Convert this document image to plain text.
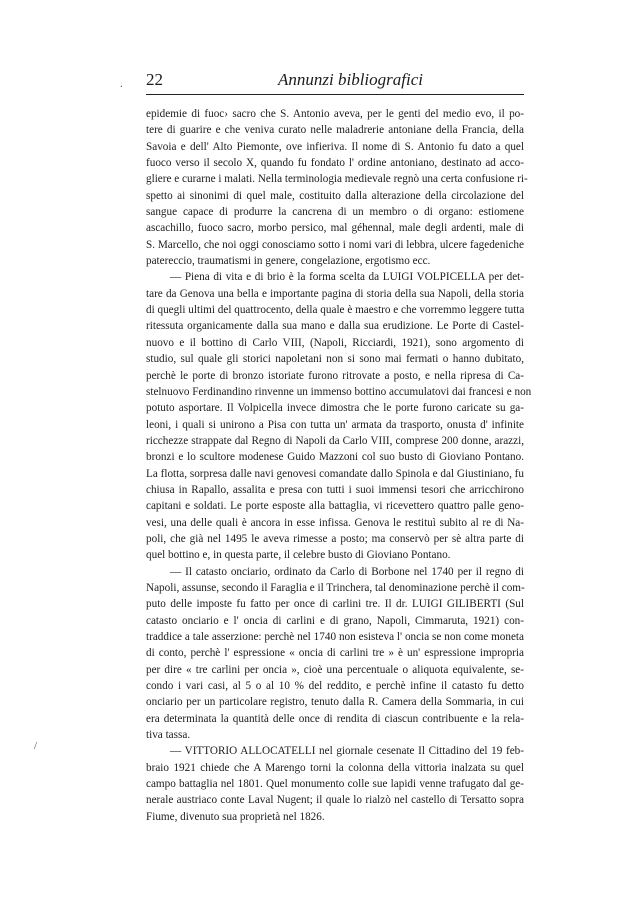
.
/
22	Annunzi bibliografici
epidemie di fuoc› sacro che S. Antonio aveva, per le genti del medio evo, il po-
tere di guarire e che veniva curato nelle maladrerie antoniane della Francia, della
Savoia e dell' Alto Piemonte, ove infieriva. Il nome di S. Antonio fu dato a quel
fuoco verso il secolo X, quando fu fondato l' ordine antoniano, destinato ad acco-
gliere e curarne i malati. Nella terminologia medievale regnò una certa confusione ri-
spetto ai sinonimi di quel male, costituito dalla alterazione della circolazione del
sangue capace di produrre la cancrena di un membro o di organo: estiomene
ascachillo, fuoco sacro, morbo persico, mal géhennal, male degli ardenti, male di
S. Marcello, che noi oggi conosciamo sotto i nomi vari di lebbra, ulcere fagedeniche
patereccio, traumatismi in genere, congelazione, ergotismo ecc.
— Piena di vita e di brio è la forma scelta da LUIGI VOLPICELLA per det-
tare da Genova una bella e importante pagina di storia della sua Napoli, della storia
di quegli ultimi del quattrocento, della quale è maestro e che vorremmo leggere tutta
ritessuta organicamente dalla sua mano e dalla sua erudizione. Le Porte di Castel-
nuovo e il bottino di Carlo VIII, (Napoli, Ricciardi, 1921), sono argomento di
studio, sul quale gli storici napoletani non si sono mai fermati o hanno dubitato,
perchè le porte di bronzo istoriate furono ritrovate a posto, e nella ripresa di Ca-
stelnuovo Ferdinandino rinvenne un immenso bottino accumulatovi dai francesi e non
potuto asportare. Il Volpicella invece dimostra che le porte furono caricate su ga-
leoni, i quali si unirono a Pisa con tutta un' armata da trasporto, onusta d' infinite
ricchezze strappate dal Regno di Napoli da Carlo VIII, comprese 200 donne, arazzi,
bronzi e lo scultore modenese Guido Mazzoni col suo busto di Gioviano Pontano.
La flotta, sorpresa dalle navi genovesi comandate dallo Spinola e dal Giustiniano, fu
chiusa in Rapallo, assalita e presa con tutti i suoi immensi tesori che arricchirono
capitani e soldati. Le porte esposte alla battaglia, vi ricevettero quattro palle geno-
vesi, una delle quali è ancora in esse infissa. Genova le restituì subito al re di Na-
poli, che già nel 1495 le aveva rimesse a posto; ma conservò per sè altra parte di
quel bottino e, in questa parte, il celebre busto di Gioviano Pontano.
— Il catasto onciario, ordinato da Carlo di Borbone nel 1740 per il regno di
Napoli, assunse, secondo il Faraglia e il Trinchera, tal denominazione perchè il com-
puto delle imposte fu fatto per once di carlini tre. Il dr. LUIGI GILIBERTI (Sul
catasto onciario e l' oncia di carlini e di grano, Napoli, Cimmaruta, 1921) con-
traddice a tale asserzione: perchè nel 1740 non esisteva l' oncia se non come moneta
di conto, perchè l' espressione « oncia di carlini tre » è un' espressione impropria
per dire « tre carlini per oncia », cioè una percentuale o aliquota equivalente, se-
condo i vari casi, al 5 o al 10 % del reddito, e perchè infine il catasto fu detto
onciario per un particolare registro, tenuto dalla R. Camera della Sommaria, in cui
era determinata la quantità delle once di rendita di ciascun contribuente e la rela-
tiva tassa.
— VITTORIO ALLOCATELLI nel giornale cesenate Il Cittadino del 19 feb-
braio 1921 chiede che A Marengo torni la colonna della vittoria inalzata su quel
campo battaglia nel 1801. Quel monumento colle sue lapidi venne trafugato dal ge-
nerale austriaco conte Laval Nugent; il quale lo rialzò nel castello di Tersatto sopra
Fiume, divenuto sua proprietà nel 1826.
